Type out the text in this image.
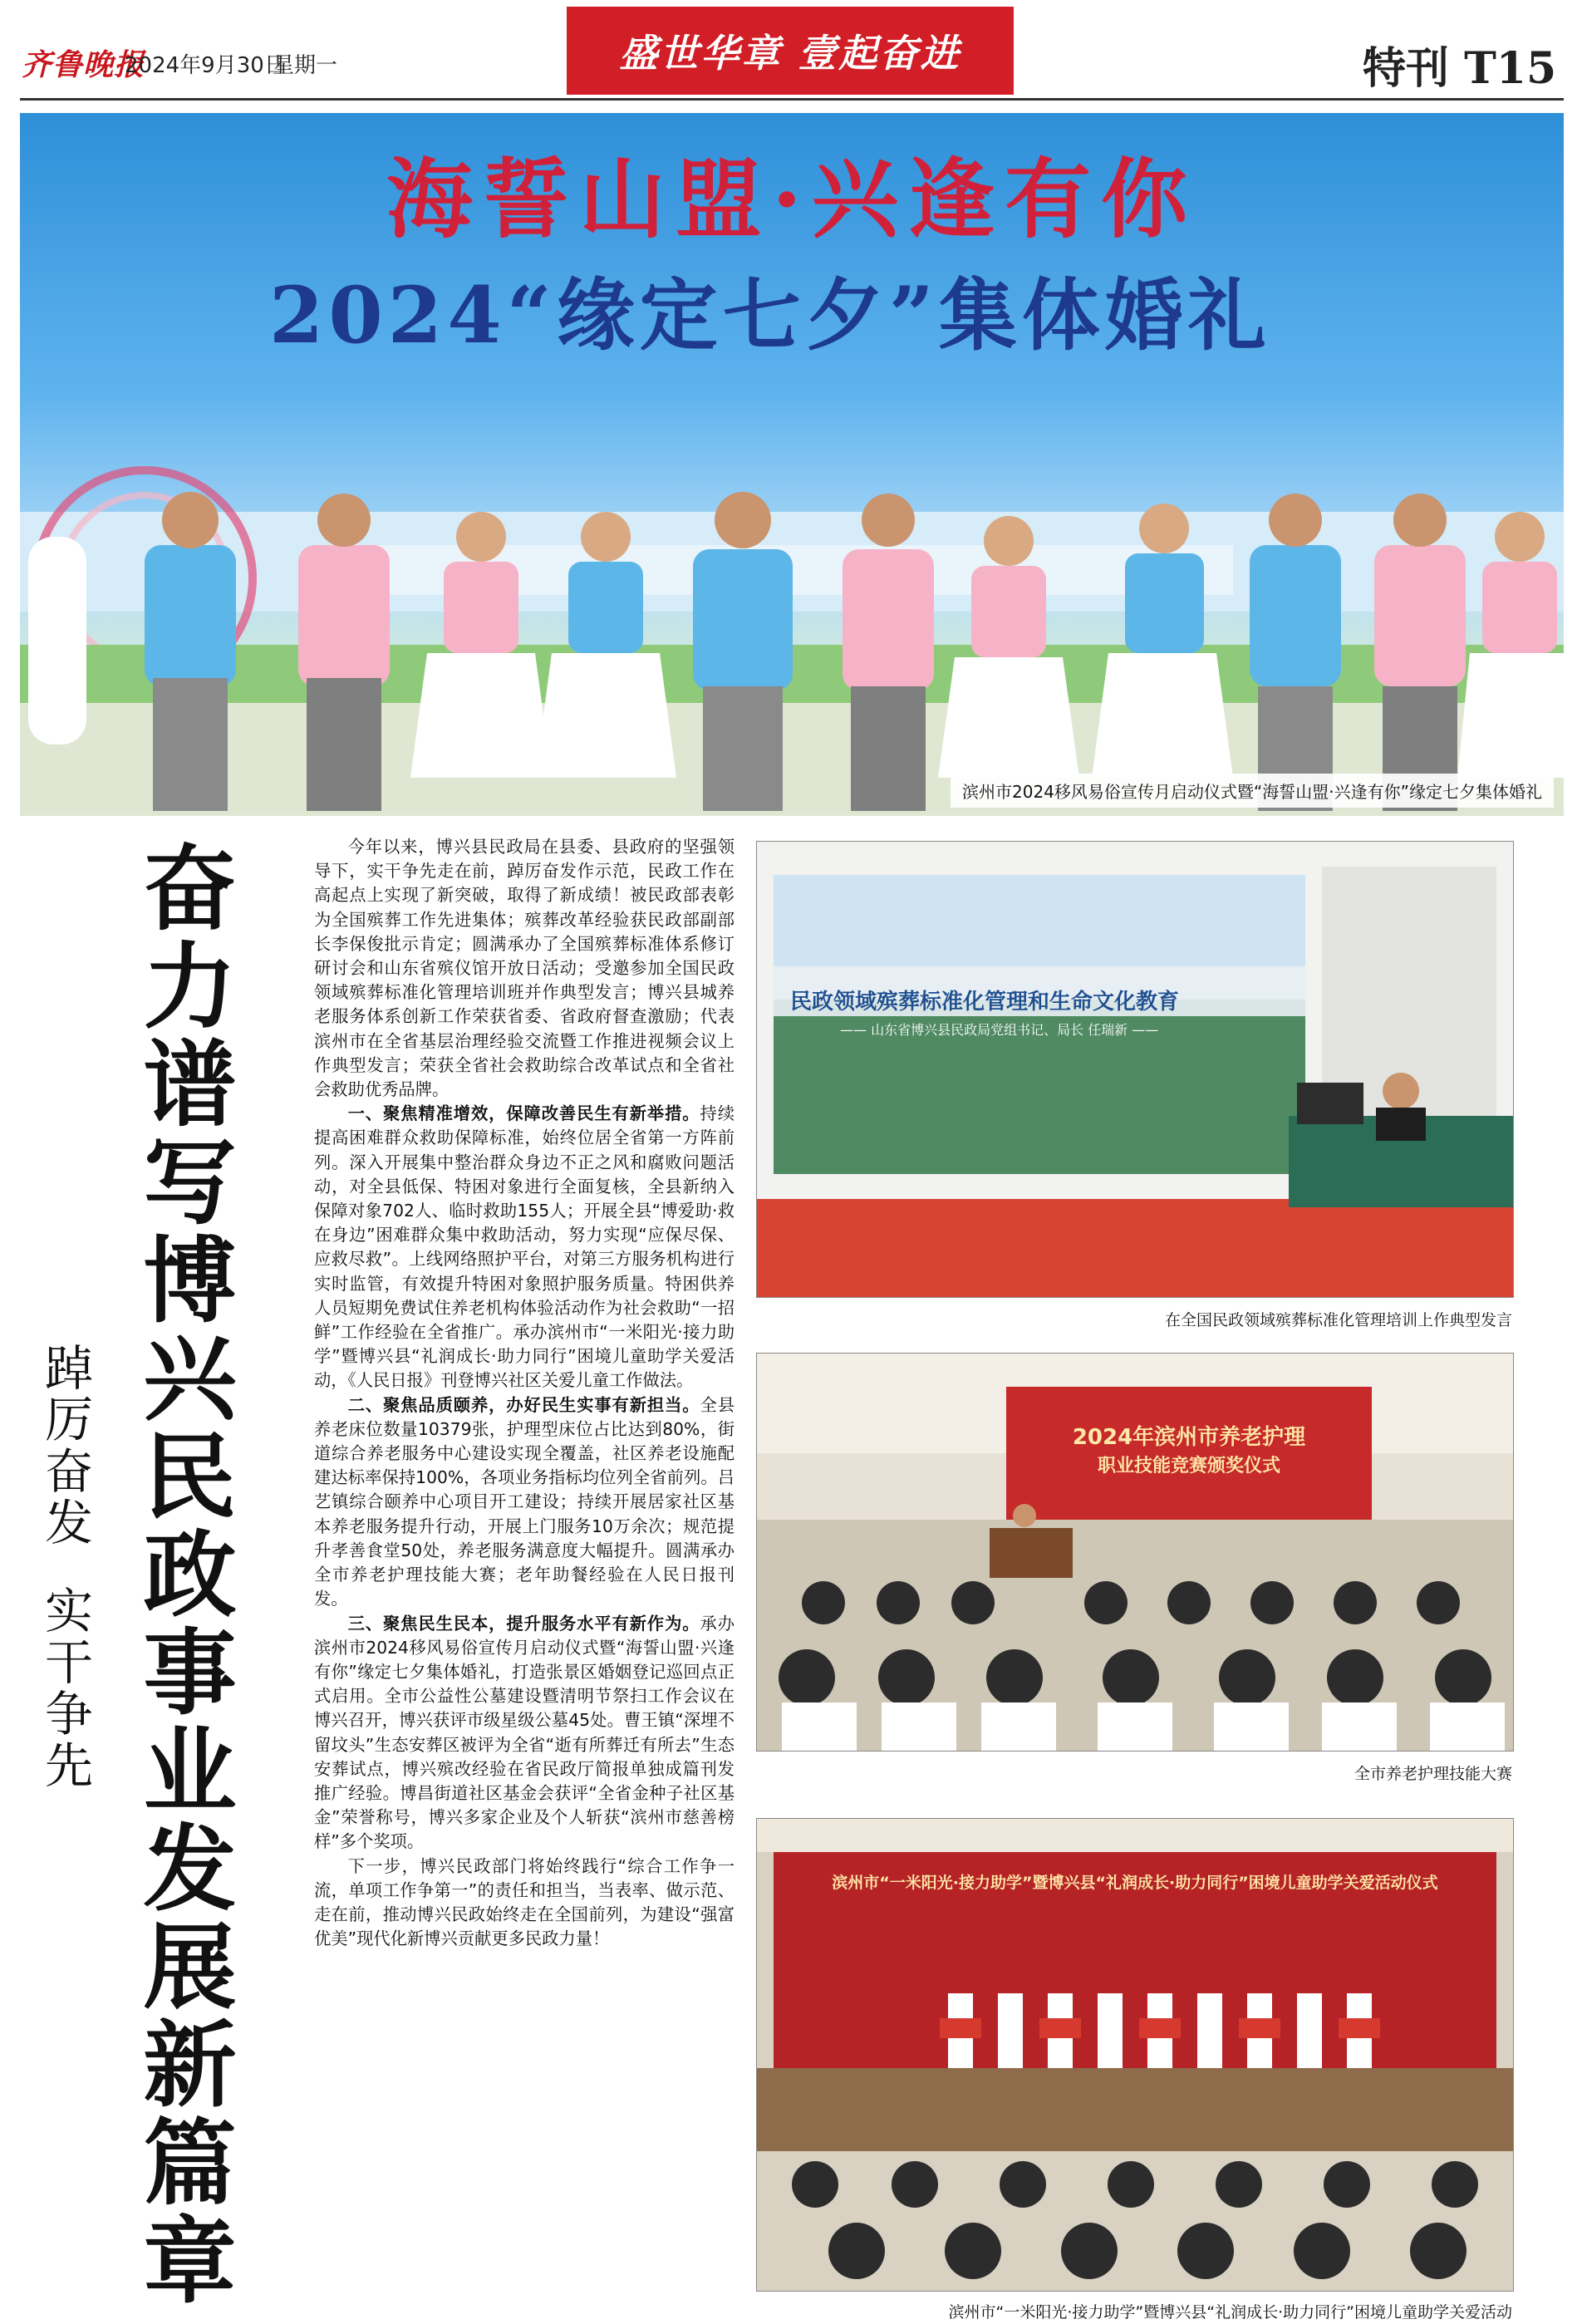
齐鲁晚报
2024年9月30日
星期一	盛世华章 壹起奋进	特刊 T15
海誓山盟·兴逢有你
2024“缘定七夕”集体婚礼
滨州市2024移风易俗宣传月启动仪式暨“海誓山盟·兴逢有你”缘定七夕集体婚礼
奋力谱写博兴民政事业发展新篇章
踔厉奋发实干争先

今年以来，博兴县民政局在县委、县政府的坚强领导下，实干争先走在前，踔厉奋发作示范，民政工作在高起点上实现了新突破，取得了新成绩！被民政部表彰为全国殡葬工作先进集体；殡葬改革经验获民政部副部长李保俊批示肯定；圆满承办了全国殡葬标准体系修订研讨会和山东省殡仪馆开放日活动；受邀参加全国民政领域殡葬标准化管理培训班并作典型发言；博兴县城养老服务体系创新工作荣获省委、省政府督查激励；代表滨州市在全省基层治理经验交流暨工作推进视频会议上作典型发言；荣获全省社会救助综合改革试点和全省社会救助优秀品牌。

一、聚焦精准增效，保障改善民生有新举措。持续提高困难群众救助保障标准，始终位居全省第一方阵前列。深入开展集中整治群众身边不正之风和腐败问题活动，对全县低保、特困对象进行全面复核，全县新纳入保障对象702人、临时救助155人；开展全县“博爱助·救在身边”困难群众集中救助活动，努力实现“应保尽保、应救尽救”。上线网络照护平台，对第三方服务机构进行实时监管，有效提升特困对象照护服务质量。特困供养人员短期免费试住养老机构体验活动作为社会救助“一招鲜”工作经验在全省推广。承办滨州市“一米阳光·接力助学”暨博兴县“礼润成长·助力同行”困境儿童助学关爱活动，《人民日报》刊登博兴社区关爱儿童工作做法。

二、聚焦品质颐养，办好民生实事有新担当。全县养老床位数量10379张，护理型床位占比达到80%，街道综合养老服务中心建设实现全覆盖，社区养老设施配建达标率保持100%，各项业务指标均位列全省前列。吕艺镇综合颐养中心项目开工建设；持续开展居家社区基本养老服务提升行动，开展上门服务10万余次；规范提升孝善食堂50处，养老服务满意度大幅提升。圆满承办全市养老护理技能大赛；老年助餐经验在人民日报刊发。

三、聚焦民生民本，提升服务水平有新作为。承办滨州市2024移风易俗宣传月启动仪式暨“海誓山盟·兴逢有你”缘定七夕集体婚礼，打造张景区婚姻登记巡回点正式启用。全市公益性公墓建设暨清明节祭扫工作会议在博兴召开，博兴获评市级星级公墓45处。曹王镇“深埋不留坟头”生态安葬区被评为全省“逝有所葬迁有所去”生态安葬试点，博兴殡改经验在省民政厅简报单独成篇刊发推广经验。博昌街道社区基金会获评“全省金种子社区基金”荣誉称号，博兴多家企业及个人斩获“滨州市慈善榜样”多个奖项。

下一步，博兴民政部门将始终践行“综合工作争一流，单项工作争第一”的责任和担当，当表率、做示范、走在前，推动博兴民政始终走在全国前列，为建设“强富优美”现代化新博兴贡献更多民政力量！

民政领域殡葬标准化管理和生命文化教育
—— 山东省博兴县民政局党组书记、局长 任瑞新 ——
在全国民政领域殡葬标准化管理培训上作典型发言
2024年滨州市养老护理
职业技能竞赛颁奖仪式
全市养老护理技能大赛
滨州市“一米阳光·接力助学”暨博兴县“礼润成长·助力同行”困境儿童助学关爱活动仪式
滨州市“一米阳光·接力助学”暨博兴县“礼润成长·助力同行”困境儿童助学关爱活动
